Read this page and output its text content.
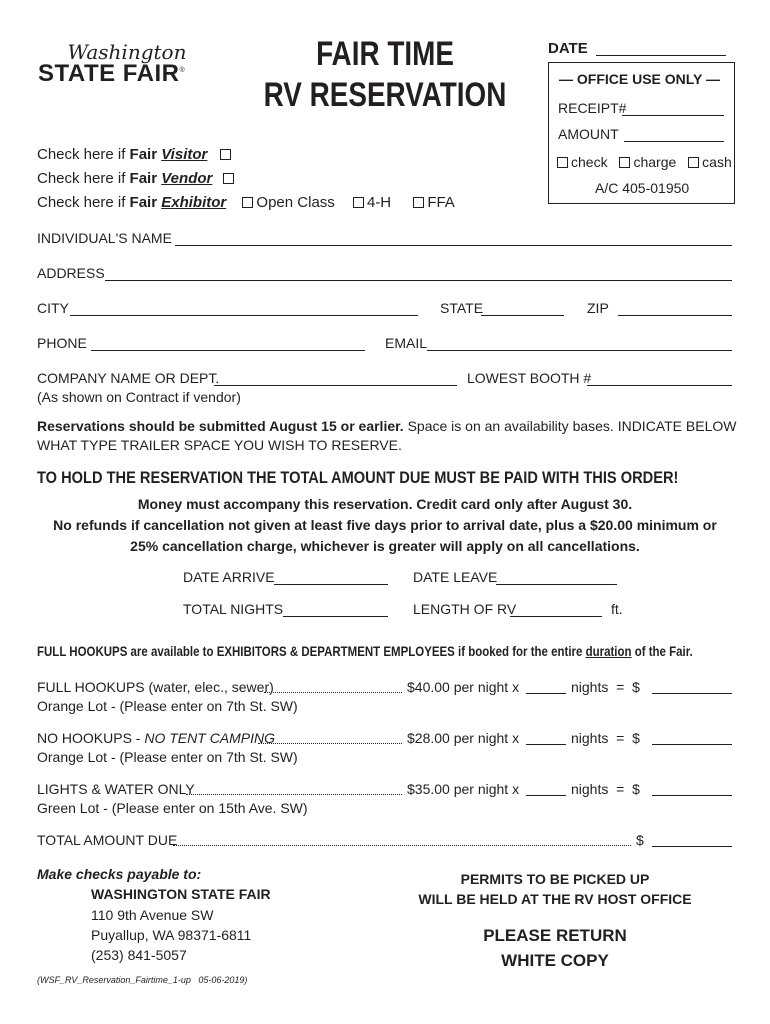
Washington
STATE FAIR®	FAIR TIME
RV RESERVATION
DATE
— OFFICE USE ONLY —
RECEIPT#
AMOUNT
check charge cash
A/C 405-01950
Check here if Fair Visitor
Check here if Fair Vendor
Check here if Fair Exhibitor Open Class 4-H FFA
INDIVIDUAL'S NAME
ADDRESS
CITY	STATE	ZIP
PHONE	EMAIL
COMPANY NAME OR DEPT.	LOWEST BOOTH #
(As shown on Contract if vendor)
Reservations should be submitted August 15 or earlier. Space is on an availability bases. INDICATE BELOW
WHAT TYPE TRAILER SPACE YOU WISH TO RESERVE.
TO HOLD THE RESERVATION THE TOTAL AMOUNT DUE MUST BE PAID WITH THIS ORDER!
Money must accompany this reservation. Credit card only after August 30.
No refunds if cancellation not given at least five days prior to arrival date, plus a $20.00 minimum or
25% cancellation charge, whichever is greater will apply on all cancellations.
DATE ARRIVE	DATE LEAVE
TOTAL NIGHTS	LENGTH OF RV	ft.
FULL HOOKUPS are available to EXHIBITORS & DEPARTMENT EMPLOYEES if booked for the entire duration of the Fair.
FULL HOOKUPS (water, elec., sewer)	$40.00 per night x	nights  =  $
Orange Lot - (Please enter on 7th St. SW)
NO HOOKUPS - NO TENT CAMPING	$28.00 per night x	nights  =  $
Orange Lot - (Please enter on 7th St. SW)
LIGHTS & WATER ONLY	$35.00 per night x	nights  =  $
Green Lot - (Please enter on 15th Ave. SW)
TOTAL AMOUNT DUE	$
Make checks payable to:
WASHINGTON STATE FAIR
110 9th Avenue SW
Puyallup, WA 98371-6811
(253) 841-5057
PERMITS TO BE PICKED UP
WILL BE HELD AT THE RV HOST OFFICE
PLEASE RETURN
WHITE COPY
(WSF_RV_Reservation_Fairtime_1-up   05-06-2019)
